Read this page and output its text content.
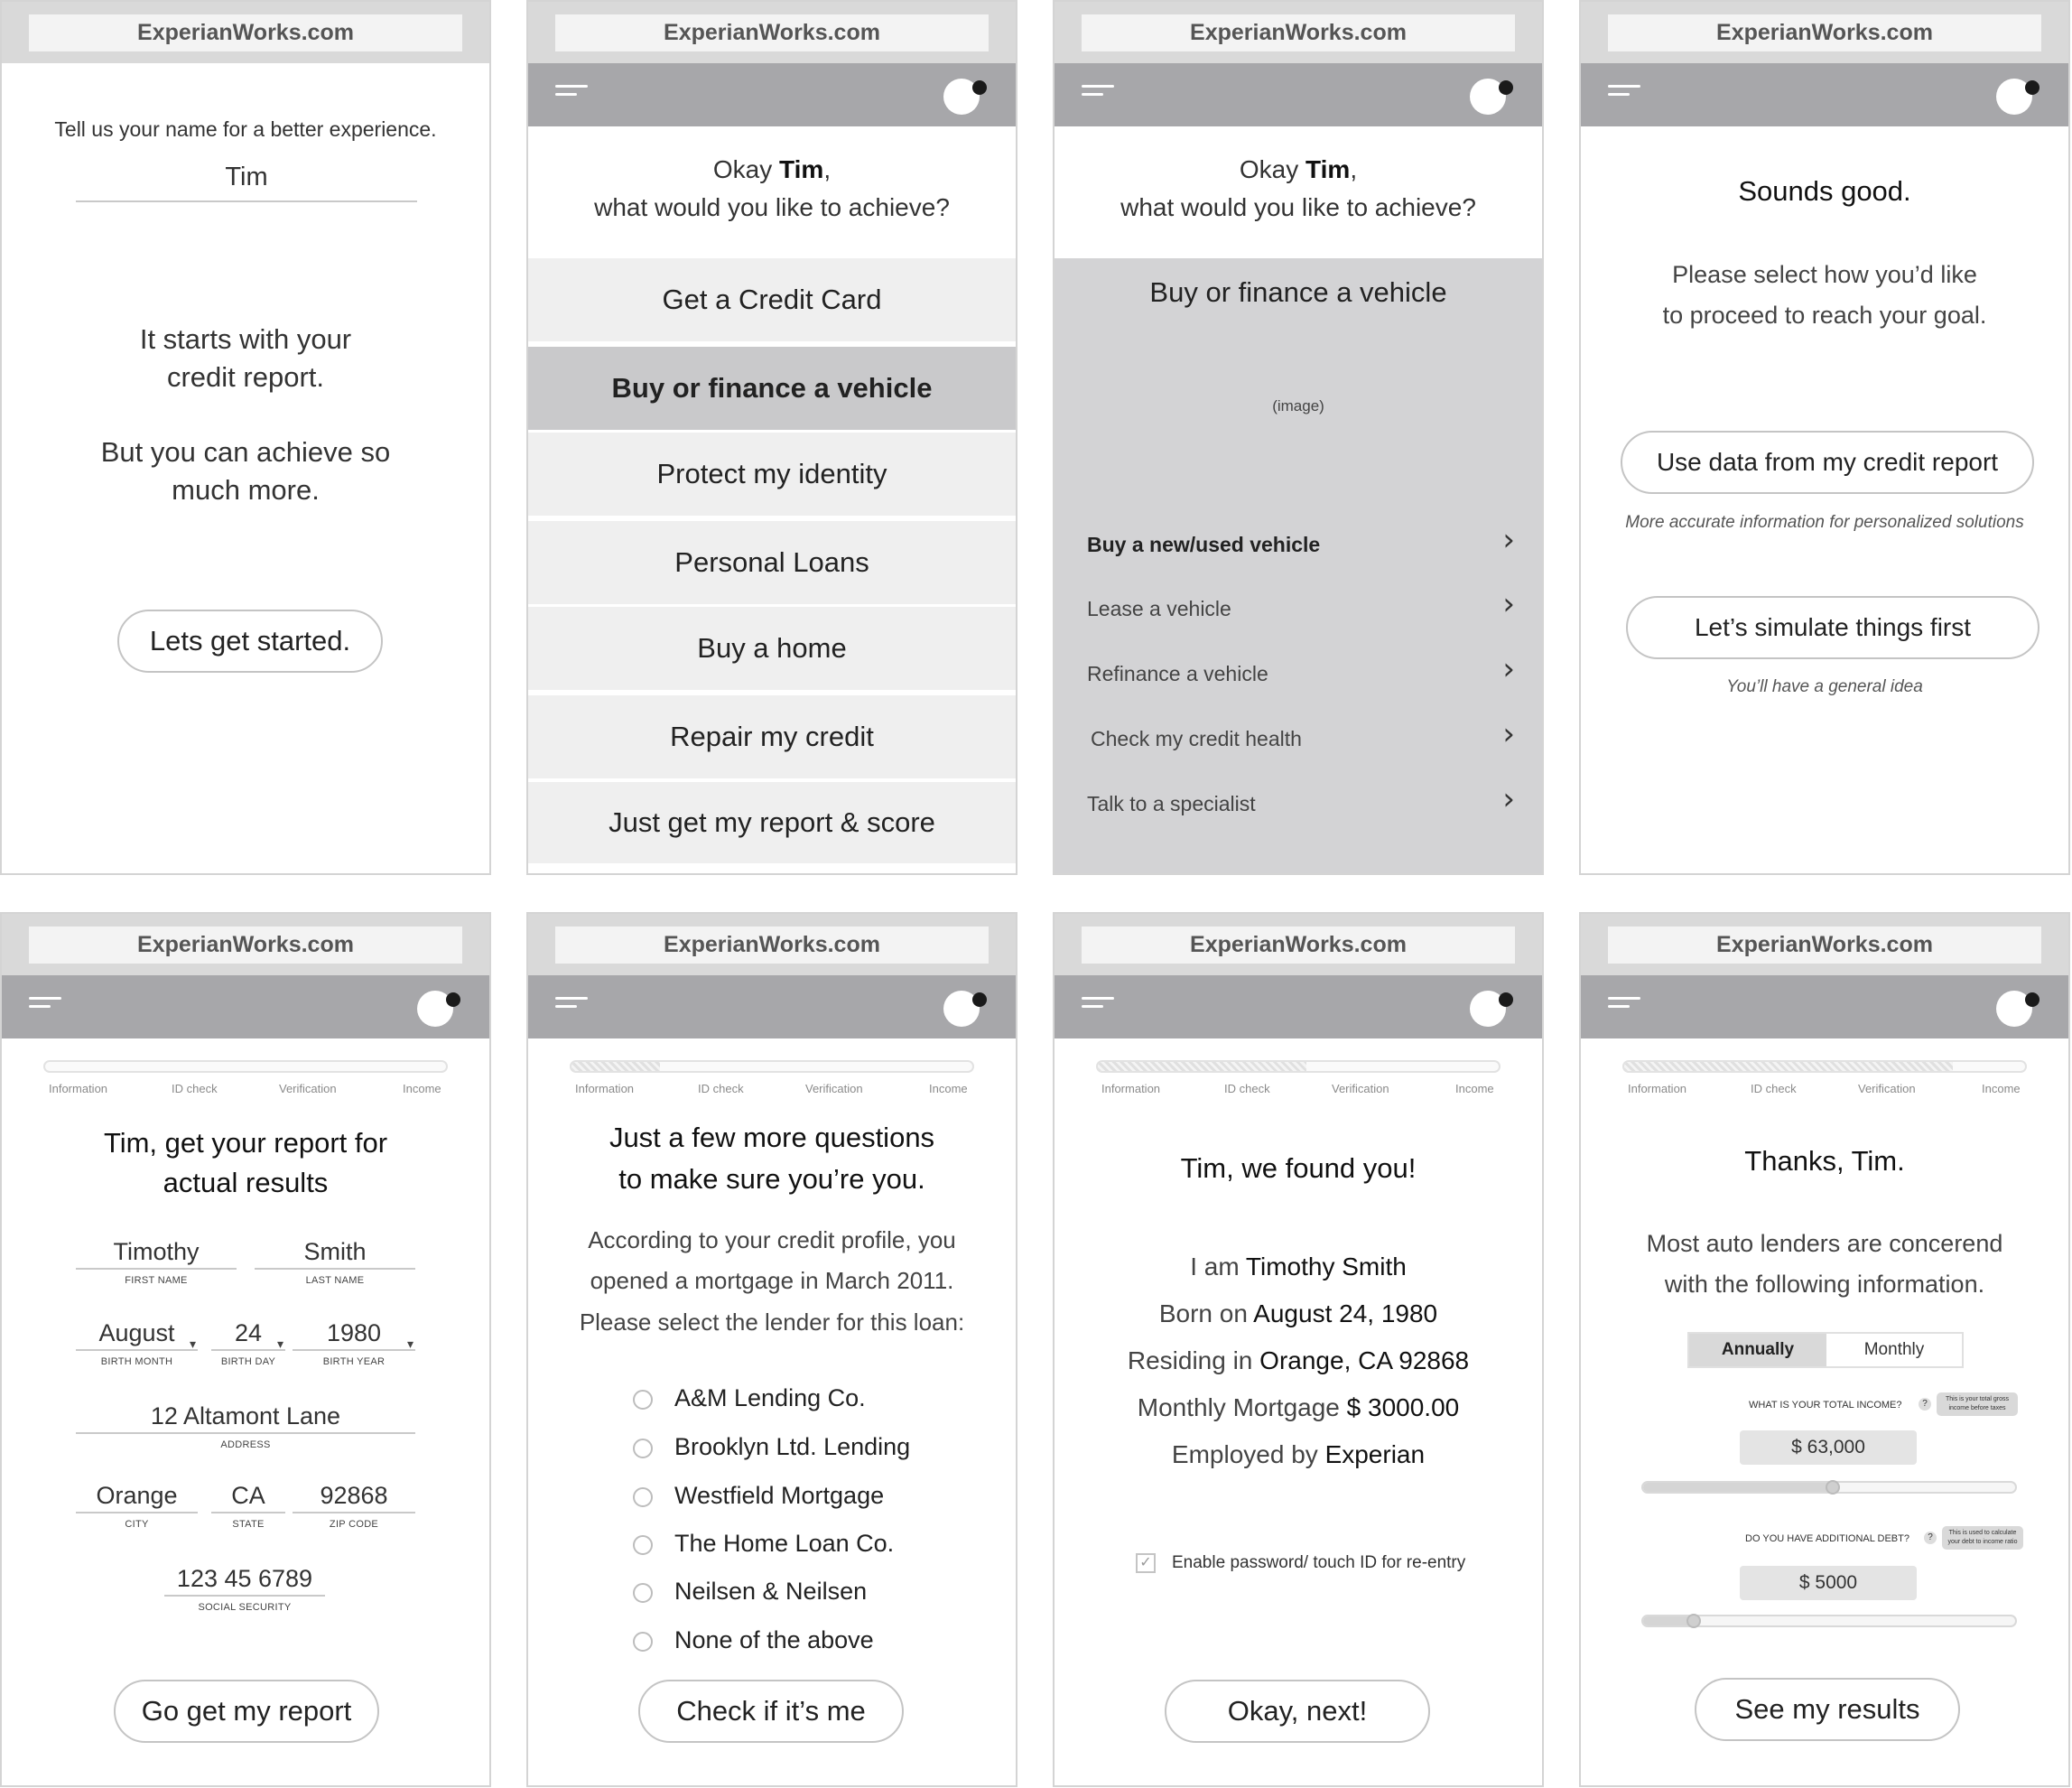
ExperianWorks.com
Tell us your name for a better experience.
Tim
It starts with your
credit report.
But you can achieve so
much more.
Lets get started.
ExperianWorks.com
Okay Tim,
what would you like to achieve?
Get a Credit Card
Buy or finance a vehicle
Protect my identity
Personal Loans
Buy a home
Repair my credit
Just get my report & score
ExperianWorks.com
Okay Tim,
what would you like to achieve?
Buy or finance a vehicle
(image)
Buy a new/used vehicle	›
Lease a vehicle	›
Refinance a vehicle	›
Check my credit health	›
Talk to a specialist	›
ExperianWorks.com
Sounds good.
Please select how you’d like
to proceed to reach your goal.
Use data from my credit report
More accurate information for personalized solutions
Let’s simulate things first
You’ll have a general idea
ExperianWorks.com
Information	ID check	Verification	Income
Tim, get your report for
actual results
Timothy
FIRST NAME
Smith
LAST NAME
August ▾
BIRTH MONTH
24 ▾
BIRTH DAY
1980 ▾
BIRTH YEAR
12 Altamont Lane
ADDRESS
Orange
CITY
CA
STATE
92868
ZIP CODE
123 45 6789
SOCIAL SECURITY
Go get my report
ExperianWorks.com
Information	ID check	Verification	Income
Just a few more questions
to make sure you’re you.
According to your credit profile, you
opened a mortgage in March 2011.
Please select the lender for this loan:
A&M Lending Co.
Brooklyn Ltd. Lending
Westfield Mortgage
The Home Loan Co.
Neilsen & Neilsen
None of the above
Check if it’s me
ExperianWorks.com
Information	ID check	Verification	Income
Tim, we found you!
I am Timothy Smith
Born on August 24, 1980
Residing in Orange, CA 92868
Monthly Mortgage $ 3000.00
Employed by Experian
✓ Enable password/ touch ID for re-entry
Okay, next!
ExperianWorks.com
Information	ID check	Verification	Income
Thanks, Tim.
Most auto lenders are concerend
with the following information.
Annually	Monthly
WHAT IS YOUR TOTAL INCOME?	?	This is your total gross
income before taxes
$ 63,000
DO YOU HAVE ADDITIONAL DEBT?	?	This is used to calculate
your debt to income ratio
$ 5000
See my results
